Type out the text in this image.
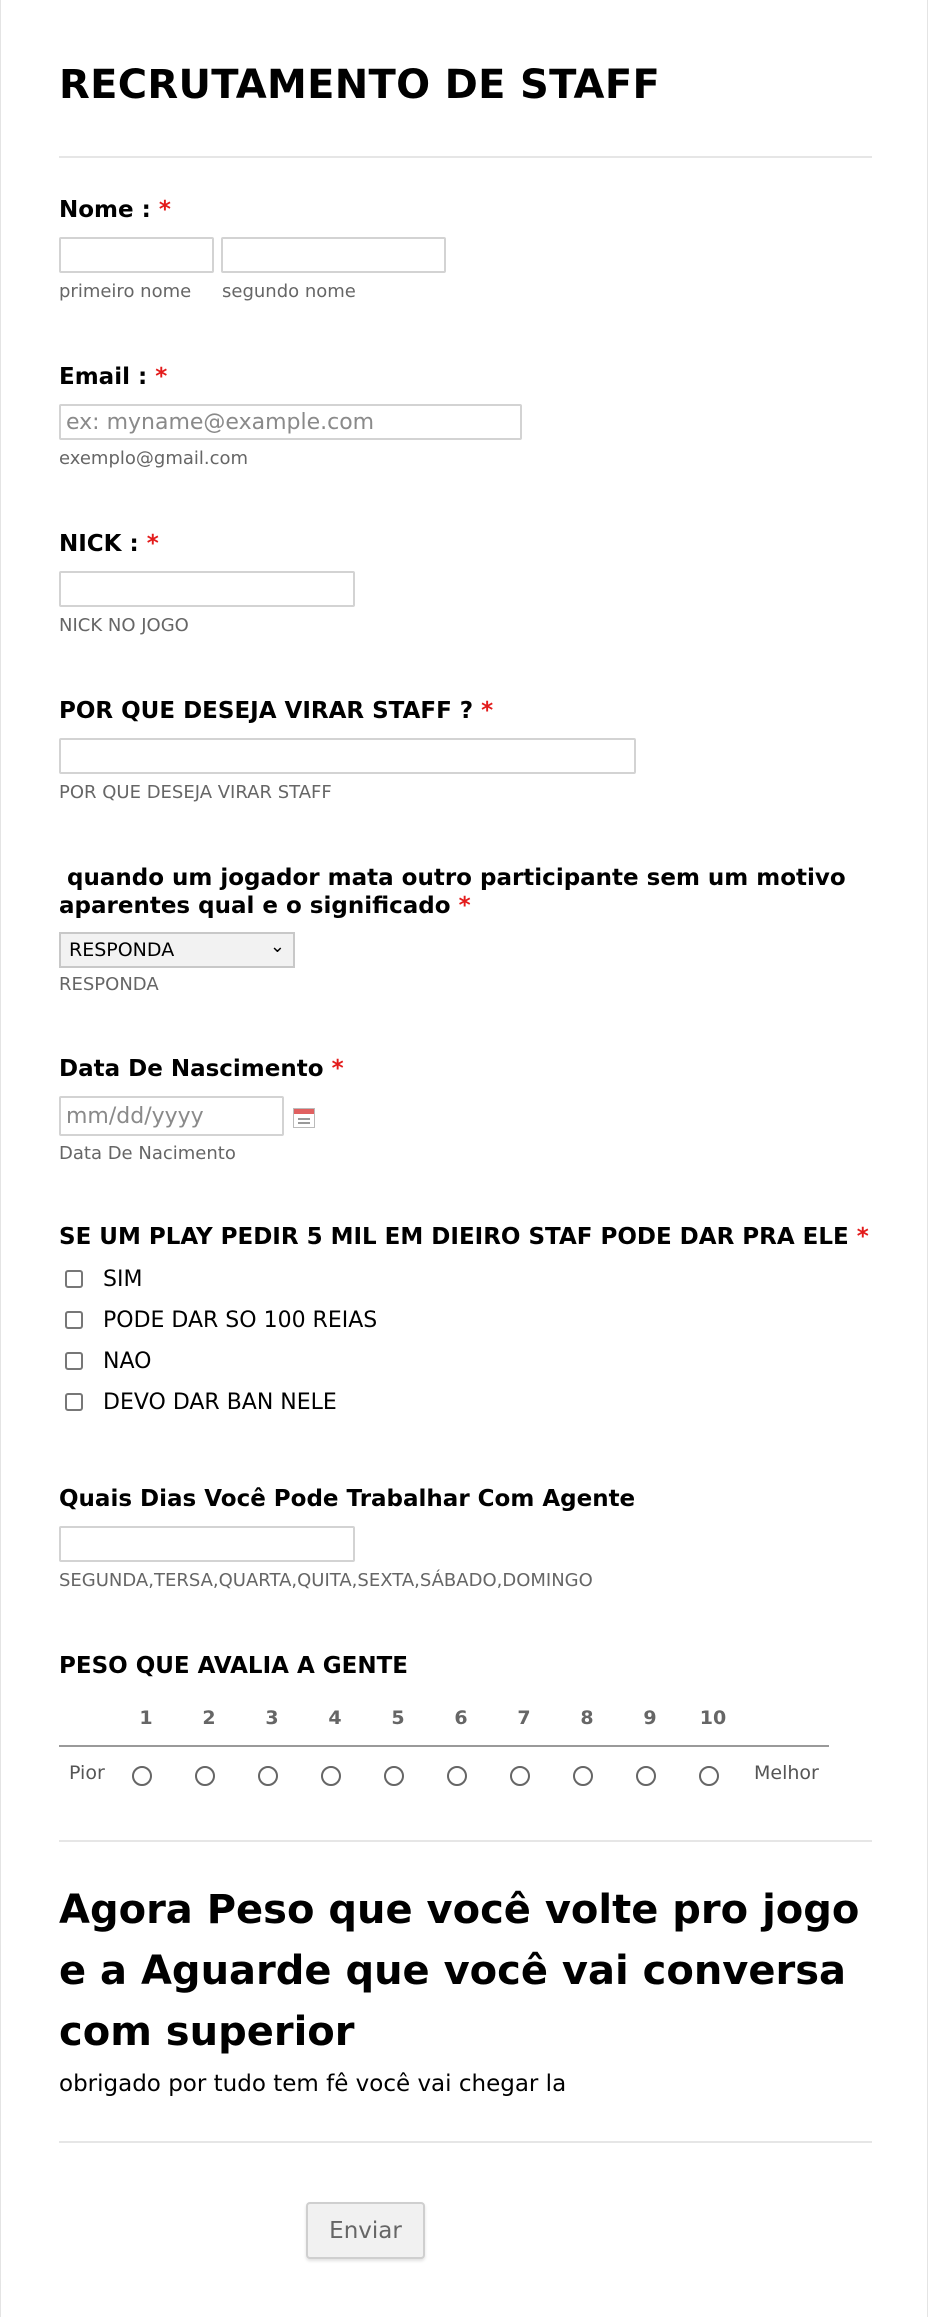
RECRUTAMENTO DE STAFF
Nome : *
primeiro nome segundo nome
Email : *
ex: myname@example.com
exemplo@gmail.com
NICK : *
NICK NO JOGO
POR QUE DESEJA VIRAR STAFF ? *
POR QUE DESEJA VIRAR STAFF
quando um jogador mata outro participante sem um motivo
aparentes qual e o significado *
RESPONDA	⌄
RESPONDA
Data De Nascimento *
mm/dd/yyyy
Data De Nacimento
SE UM PLAY PEDIR 5 MIL EM DIEIRO STAF PODE DAR PRA ELE *
SIM
PODE DAR SO 100 REIAS
NAO
DEVO DAR BAN NELE
Quais Dias Você Pode Trabalhar Com Agente
SEGUNDA,TERSA,QUARTA,QUITA,SEXTA,SÁBADO,DOMINGO
PESO QUE AVALIA A GENTE
1	2	3	4	5	6	7	8	9	10
Pior	Melhor
Agora Peso que você volte pro jogo e a Aguarde que você vai conversa com superior
obrigado por tudo tem fê você vai chegar la
Enviar
